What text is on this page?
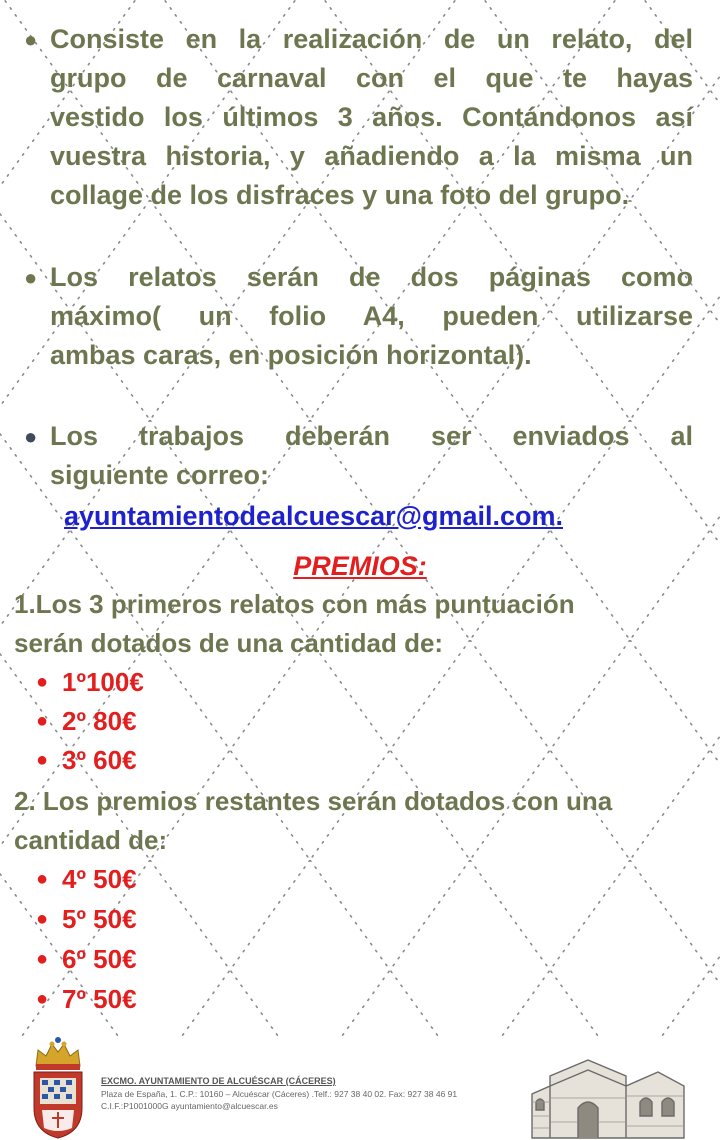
● Consiste en la realización de un relato, del
grupo de carnaval con el que te hayas
vestido los últimos 3 años. Contándonos así
vuestra historia, y añadiendo a la misma un
collage de los disfraces y una foto del grupo.
● Los relatos serán de dos páginas como
máximo( un folio A4, pueden utilizarse
ambas caras, en posición horizontal).
● Los trabajos deberán ser enviados al
siguiente correo:
ayuntamientodealcuescar@gmail.com.
PREMIOS:
1.Los 3 primeros relatos con más puntuación
serán dotados de una cantidad de:
● 1º100€
● 2º 80€
● 3º 60€
2. Los premios restantes serán dotados con una
cantidad de:
● 4º 50€
● 5º 50€
● 6º 50€
● 7º 50€
EXCMO. AYUNTAMIENTO DE ALCUÉSCAR (CÁCERES)
Plaza de España, 1. C.P.: 10160 – Alcuéscar (Cáceres) .Telf.: 927 38 40 02. Fax: 927 38 46 91
C.I.F.:P1001000G ayuntamiento@alcuescar.es
